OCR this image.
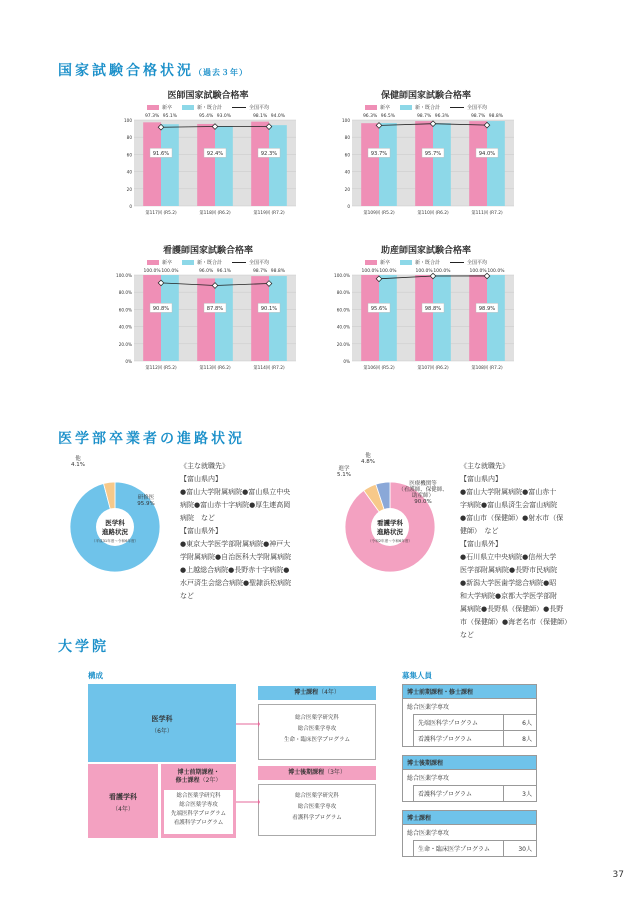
国家試験合格状況（過去３年）
医師国家試験合格率
新卒	新・既合計	全国平均
100
80
60
40
20
0
97.3% 95.1%
91.6%
第117回 (R5.2)
95.4% 93.0%
92.4%
第118回 (R6.2)
98.1% 94.0%
92.3%
第119回 (R7.2)
保健師国家試験合格率
新卒	新・既合計	全国平均
100
80
60
40
20
0
96.3% 96.5%
93.7%
第109回 (R5.2)
98.7% 96.3%
95.7%
第110回 (R6.2)
98.7% 98.8%
94.0%
第111回 (R7.2)
看護師国家試験合格率
新卒	新・既合計	全国平均
100.0%
80.0%
60.0%
40.0%
20.0%
0%
100.0% 100.0%
90.8%
第112回 (R5.2)
96.0% 96.1%
87.8%
第113回 (R6.2)
98.7% 98.8%
90.1%
第114回 (R7.2)
助産師国家試験合格率
新卒	新・既合計	全国平均
100.0%
80.0%
60.0%
40.0%
20.0%
0%
100.0% 100.0%
95.6%
第106回 (R5.2)
100.0% 100.0%
98.8%
第107回 (R6.2)
100.0% 100.0%
98.9%
第108回 (R7.2)
医学部卒業者の進路状況
医学科
進路状況
（平成31年度〜令和6年度）
研修医
95.9%
他
4.1%
看護学科
進路状況
（令和2年度〜令和6年度）
医療機関等
（看護師、保健師、
助産師）
90.0%
進学
5.1%
他
4.8%
《主な就職先》
【富山県内】
●富山大学附属病院●富山県立中央
病院●富山赤十字病院●厚生連高岡
病院　など
【富山県外】
●東京大学医学部附属病院●神戸大
学附属病院●自治医科大学附属病院
●上越総合病院●長野赤十字病院●
水戸済生会総合病院●聖隷浜松病院
など
《主な就職先》
【富山県内】
●富山大学附属病院●富山赤十
字病院●富山県済生会富山病院
●富山市（保健師）●射水市（保
健師）　など
【富山県外】
●石川県立中央病院●信州大学
医学部附属病院●長野市民病院
●新潟大学医歯学総合病院●昭
和大学病院●京都大学医学部附
属病院●長野県（保健師）●長野
市（保健師）●海老名市（保健師）
など
大学院
構成	募集人員
医学科
（6年）
看護学科
（4年）
博士前期課程・
修士課程（2年）
総合医薬学研究科
総合医薬学専攻
先端医科学プログラム
看護科学プログラム
博士課程（4年）
総合医薬学研究科
総合医薬学専攻
生命・臨床医学プログラム
博士後期課程（3年）
総合医薬学研究科
総合医薬学専攻
看護科学プログラム
博士前期課程・修士課程
総合医薬学専攻
先端医科学プログラム	6人
看護科学プログラム	8人
博士後期課程
総合医薬学専攻
看護科学プログラム	3人
博士課程
総合医薬学専攻
生命・臨床医学プログラム	30人
37
